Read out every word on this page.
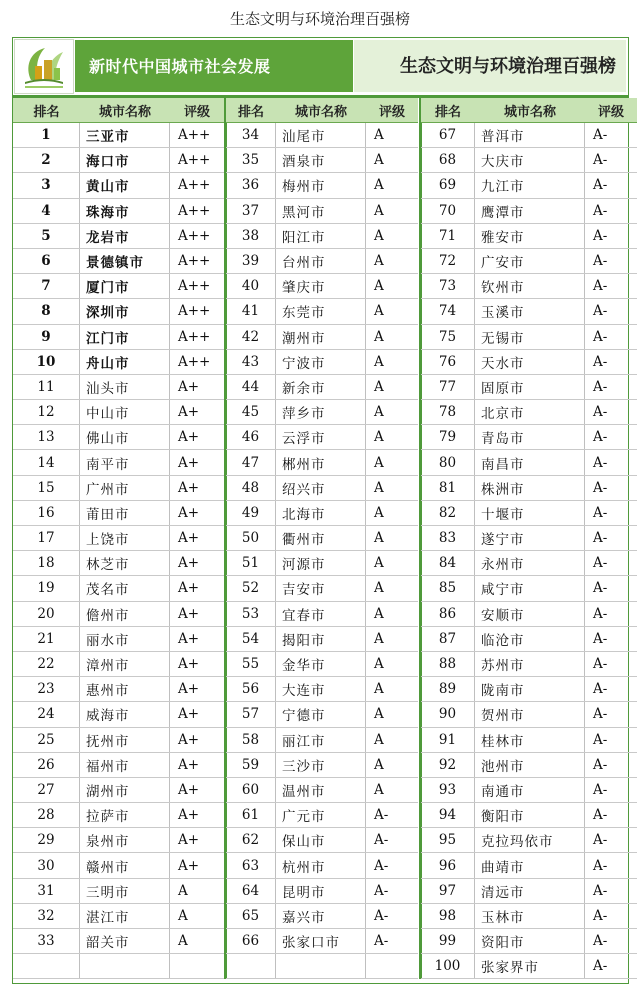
生态文明与环境治理百强榜
新时代中国城市社会发展	生态文明与环境治理百强榜
排名	城市名称	评级
1	三亚市	A++
2	海口市	A++
3	黄山市	A++
4	珠海市	A++
5	龙岩市	A++
6	景德镇市	A++
7	厦门市	A++
8	深圳市	A++
9	江门市	A++
10	舟山市	A++
11	汕头市	A+
12	中山市	A+
13	佛山市	A+
14	南平市	A+
15	广州市	A+
16	莆田市	A+
17	上饶市	A+
18	林芝市	A+
19	茂名市	A+
20	儋州市	A+
21	丽水市	A+
22	漳州市	A+
23	惠州市	A+
24	威海市	A+
25	抚州市	A+
26	福州市	A+
27	湖州市	A+
28	拉萨市	A+
29	泉州市	A+
30	赣州市	A+
31	三明市	A
32	湛江市	A
33	韶关市	A
排名	城市名称	评级
34	汕尾市	A
35	酒泉市	A
36	梅州市	A
37	黑河市	A
38	阳江市	A
39	台州市	A
40	肇庆市	A
41	东莞市	A
42	潮州市	A
43	宁波市	A
44	新余市	A
45	萍乡市	A
46	云浮市	A
47	郴州市	A
48	绍兴市	A
49	北海市	A
50	衢州市	A
51	河源市	A
52	吉安市	A
53	宜春市	A
54	揭阳市	A
55	金华市	A
56	大连市	A
57	宁德市	A
58	丽江市	A
59	三沙市	A
60	温州市	A
61	广元市	A-
62	保山市	A-
63	杭州市	A-
64	昆明市	A-
65	嘉兴市	A-
66	张家口市	A-
排名	城市名称	评级
67	普洱市	A-
68	大庆市	A-
69	九江市	A-
70	鹰潭市	A-
71	雅安市	A-
72	广安市	A-
73	钦州市	A-
74	玉溪市	A-
75	无锡市	A-
76	天水市	A-
77	固原市	A-
78	北京市	A-
79	青岛市	A-
80	南昌市	A-
81	株洲市	A-
82	十堰市	A-
83	遂宁市	A-
84	永州市	A-
85	咸宁市	A-
86	安顺市	A-
87	临沧市	A-
88	苏州市	A-
89	陇南市	A-
90	贺州市	A-
91	桂林市	A-
92	池州市	A-
93	南通市	A-
94	衡阳市	A-
95	克拉玛依市	A-
96	曲靖市	A-
97	清远市	A-
98	玉林市	A-
99	资阳市	A-
100	张家界市	A-
